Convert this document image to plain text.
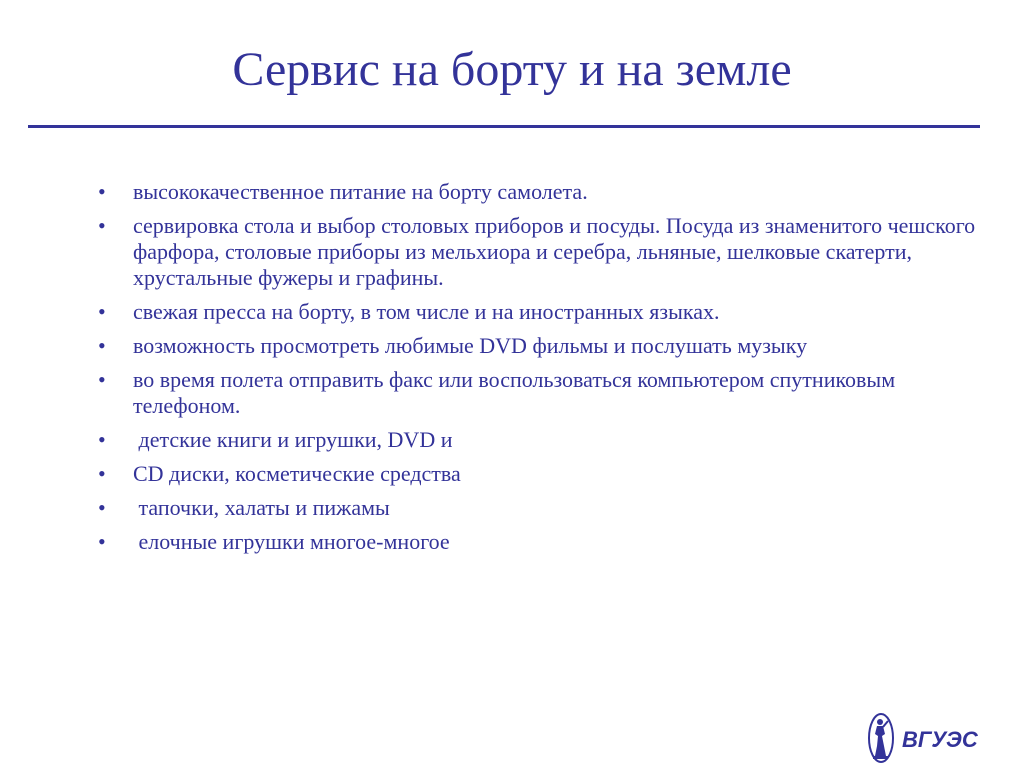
Сервис на борту и на земле
•	высококачественное питание на борту самолета.
•	сервировка стола и выбор столовых приборов и посуды. Посуда из знаменитого чешского фарфора, столовые приборы из мельхиора и серебра, льняные, шелковые скатерти, хрустальные фужеры и графины.
•	свежая пресса на борту, в том числе и на иностранных языках.
•	возможность просмотреть любимые DVD фильмы и послушать музыку
•	во время полета отправить факс или воспользоваться компьютером спутниковым телефоном.
•	детские книги и игрушки, DVD и
•	CD диски, косметические средства
•	тапочки, халаты и пижамы
•	елочные игрушки многое-многое
ВГУЭС
